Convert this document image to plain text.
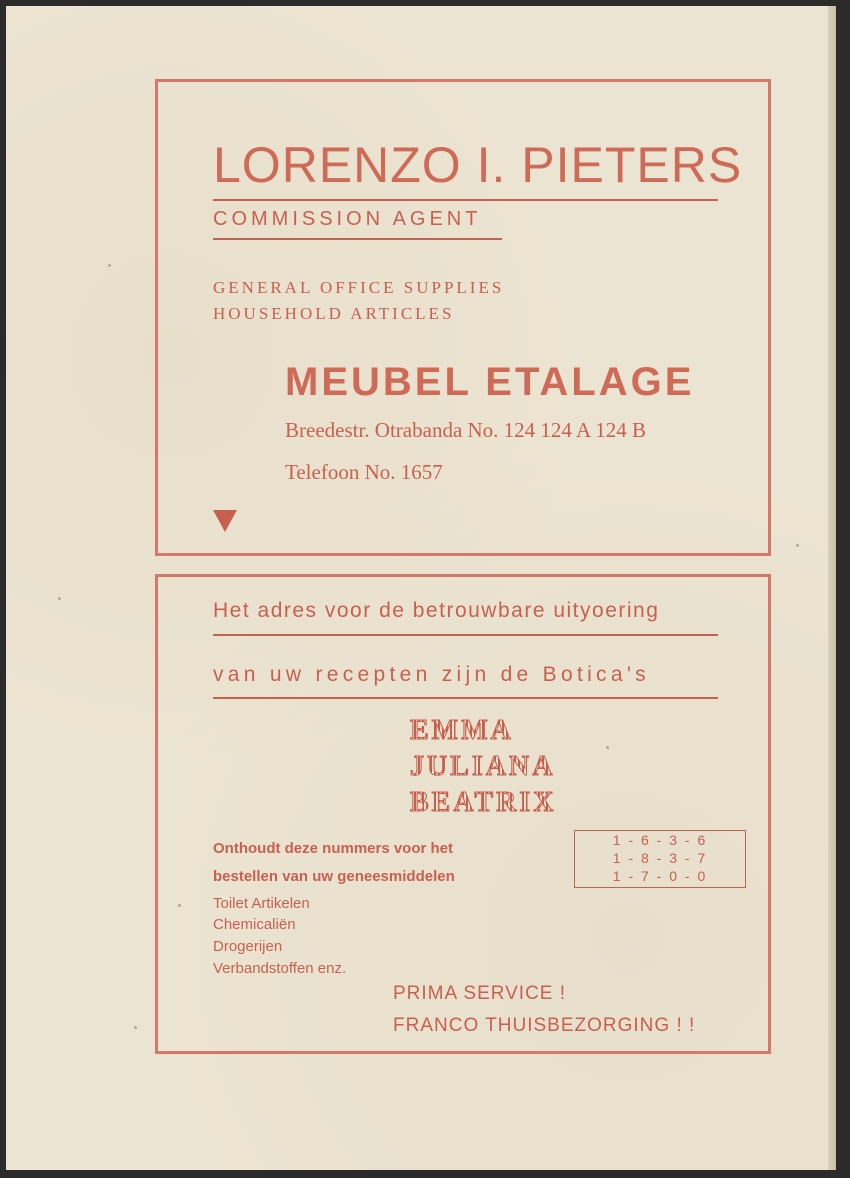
LORENZO I. PIETERS
COMMISSION AGENT
GENERAL OFFICE SUPPLIES
HOUSEHOLD ARTICLES
MEUBEL ETALAGE
Breedestr. Otrabanda No. 124 124 A 124 B
Telefoon No. 1657
Het adres voor de betrouwbare uityoering
van uw recepten zijn de Botica's
EMMA
JULIANA
BEATRIX
Onthoudt deze nummers voor het
bestellen van uw geneesmiddelen
1 - 6 - 3 - 6
1 - 8 - 3 - 7
1 - 7 - 0 - 0
Toilet Artikelen
Chemicaliën
Drogerijen
Verbandstoffen enz.
PRIMA SERVICE !
FRANCO THUISBEZORGING ! !
